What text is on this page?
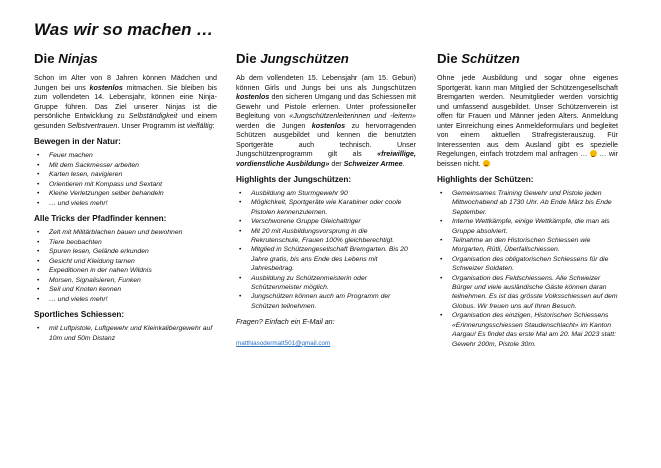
Was wir so machen …
Die Ninjas

Schon im Alter von 8 Jahren können Mädchen und Jungen bei uns kostenlos mitmachen. Sie bleiben bis zum vollendeten 14. Lebensjahr, können eine Ninja-Gruppe führen. Das Ziel unserer Ninjas ist die persönliche Entwicklung zu Selbständigkeit und einem gesunden Selbstvertrauen. Unser Programm ist vielfältig:

Bewegen in der Natur:
• Feuer machen
• Mit dem Sackmesser arbeiten
• Karten lesen, navigieren
• Orientieren mit Kompass und Sextant
• Kleine Verletzungen selber behandeln
• … und vieles mehr!
Alle Tricks der Pfadfinder kennen:
• Zelt mit Militärblachen bauen und bewohnen
• Tiere beobachten
• Spuren lesen, Gelände erkunden
• Gesicht und Kleidung tarnen
• Expeditionen in der nahen Wildnis
• Morsen, Signalisieren, Funken
• Seil und Knoten kennen
• … und vieles mehr!
Sportliches Schiessen:
• mit Luftpistole, Luftgewehr und Kleinkalibergewehr auf 10m und 50m Distanz
Die Jungschützen

Ab dem vollendeten 15. Lebensjahr (am 15. Geburi) können Girls und Jungs bei uns als Jungschützen kostenlos den sicheren Umgang und das Schiessen mit Gewehr und Pistole erlernen. Unter professioneller Begleitung von «Jungschützenleiterinnen und -leitern» werden die Jungen kostenlos zu hervorragenden Schützen ausgebildet und kennen die benutzten Sportgeräte auch technisch. Unser Jungschützenprogramm gilt als «freiwillige, vordienstliche Ausbildung» der Schweizer Armee.

Highlights der Jungschützen:
• Ausbildung am Sturmgewehr 90
• Möglichkeit, Sportgeräte wie Karabiner oder coole Pistolen kennenzulernen.
• Verschworene Gruppe Gleichaltriger
• Mit 20 mit Ausbildungsvorsprung in die Rekrutenschule, Frauen 100% gleichberechtigt.
• Mitglied in Schützengesellschaft Bremgarten. Bis 20 Jahre gratis, bis ans Ende des Lebens mit Jahresbeitrag.
• Ausbildung zu Schützenmeisterin oder Schützenmeister möglich.
• Jungschützen können auch am Programm der Schützen teilnehmen.
Fragen? Einfach ein E-Mail an:
matthiasodermatt501@gmail.com
Die Schützen

Ohne jede Ausbildung und sogar ohne eigenes Sportgerät. kann man Mitglied der Schützengesellschaft Bremgarten werden. Neumitglieder werden vorsichtig und umfassend ausgebildet. Unser Schützenverein ist offen für Frauen und Männer jeden Alters. Anmeldung unter Einreichung eines Anmeldeformulars und begleitet von einem aktuellen Strafregisterauszug. Für Interessenten aus dem Ausland gibt es spezielle Regelungen, einfach trotzdem mal anfragen …  … wir beissen nicht.

Highlights der Schützen:
• Gemeinsames Training Gewehr und Pistole jeden Mittwochabend ab 1730 Uhr. Ab Ende März bis Ende September.
• Interne Wettkämpfe, einige Wettkämpfe, die man als Gruppe absolviert.
• Teilnahme an den Historischen Schiessen wie Morgarten, Rütli, Überfallschiessen.
• Organisation des obligatorischen Schiessens für die Schweizer Soldaten.
• Organisation des Feldschiessens. Alle Schweizer Bürger und viele ausländische Gäste können daran teilnehmen. Es ist das grösste Volksschiessen auf dem Globus. Wir freuen uns auf Ihren Besuch.
• Organisation des einzigen, Historischen Schiessens «Erinnerungsschiessen Staudenschlacht» im Kanton Aargau! Es findet das erste Mal am 20. Mai 2023 statt: Gewehr 200m, Pistole 30m.
